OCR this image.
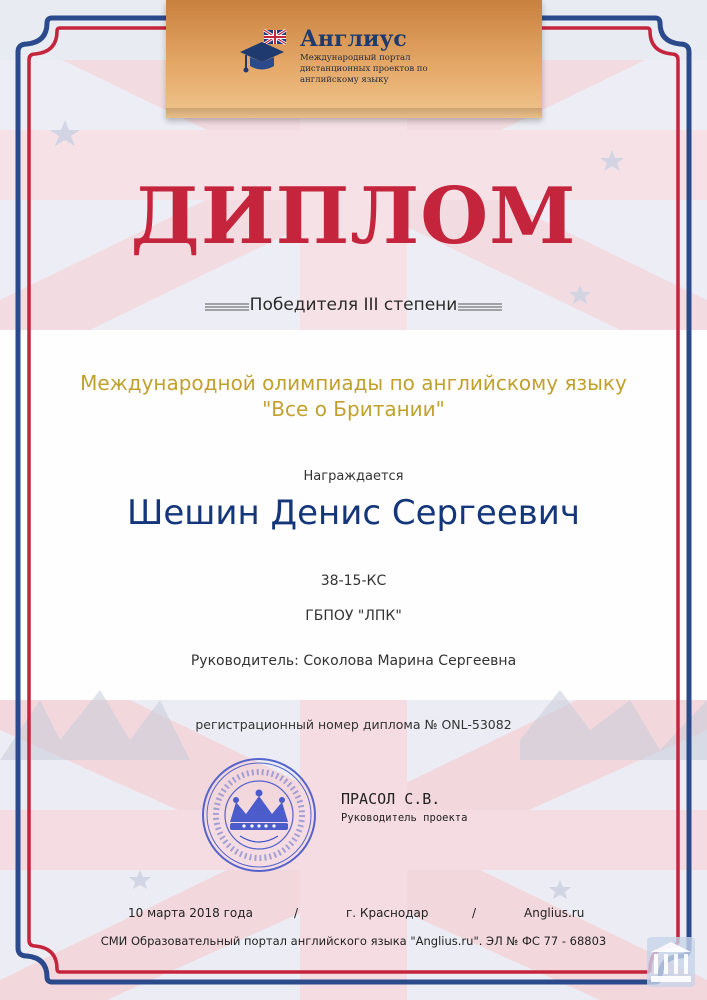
Англиус

Международный портал дистанционных проектов по английскому языку

ДИПЛОМ
Победителя III степени

Международной олимпиады по английскому языку "Все о Британии"

Награждается
Шешин Денис Сергеевич
38-15-КС
ГБПОУ "ЛПК"
Руководитель: Соколова Марина Сергеевна
регистрационный номер диплома № ONL-53082
ПРАСОЛ С.В.
Руководитель проекта
10 марта 2018 года	/	г. Краснодар	/	Anglius.ru
СМИ Образовательный портал английского языка "Anglius.ru". ЭЛ № ФС 77 - 68803
